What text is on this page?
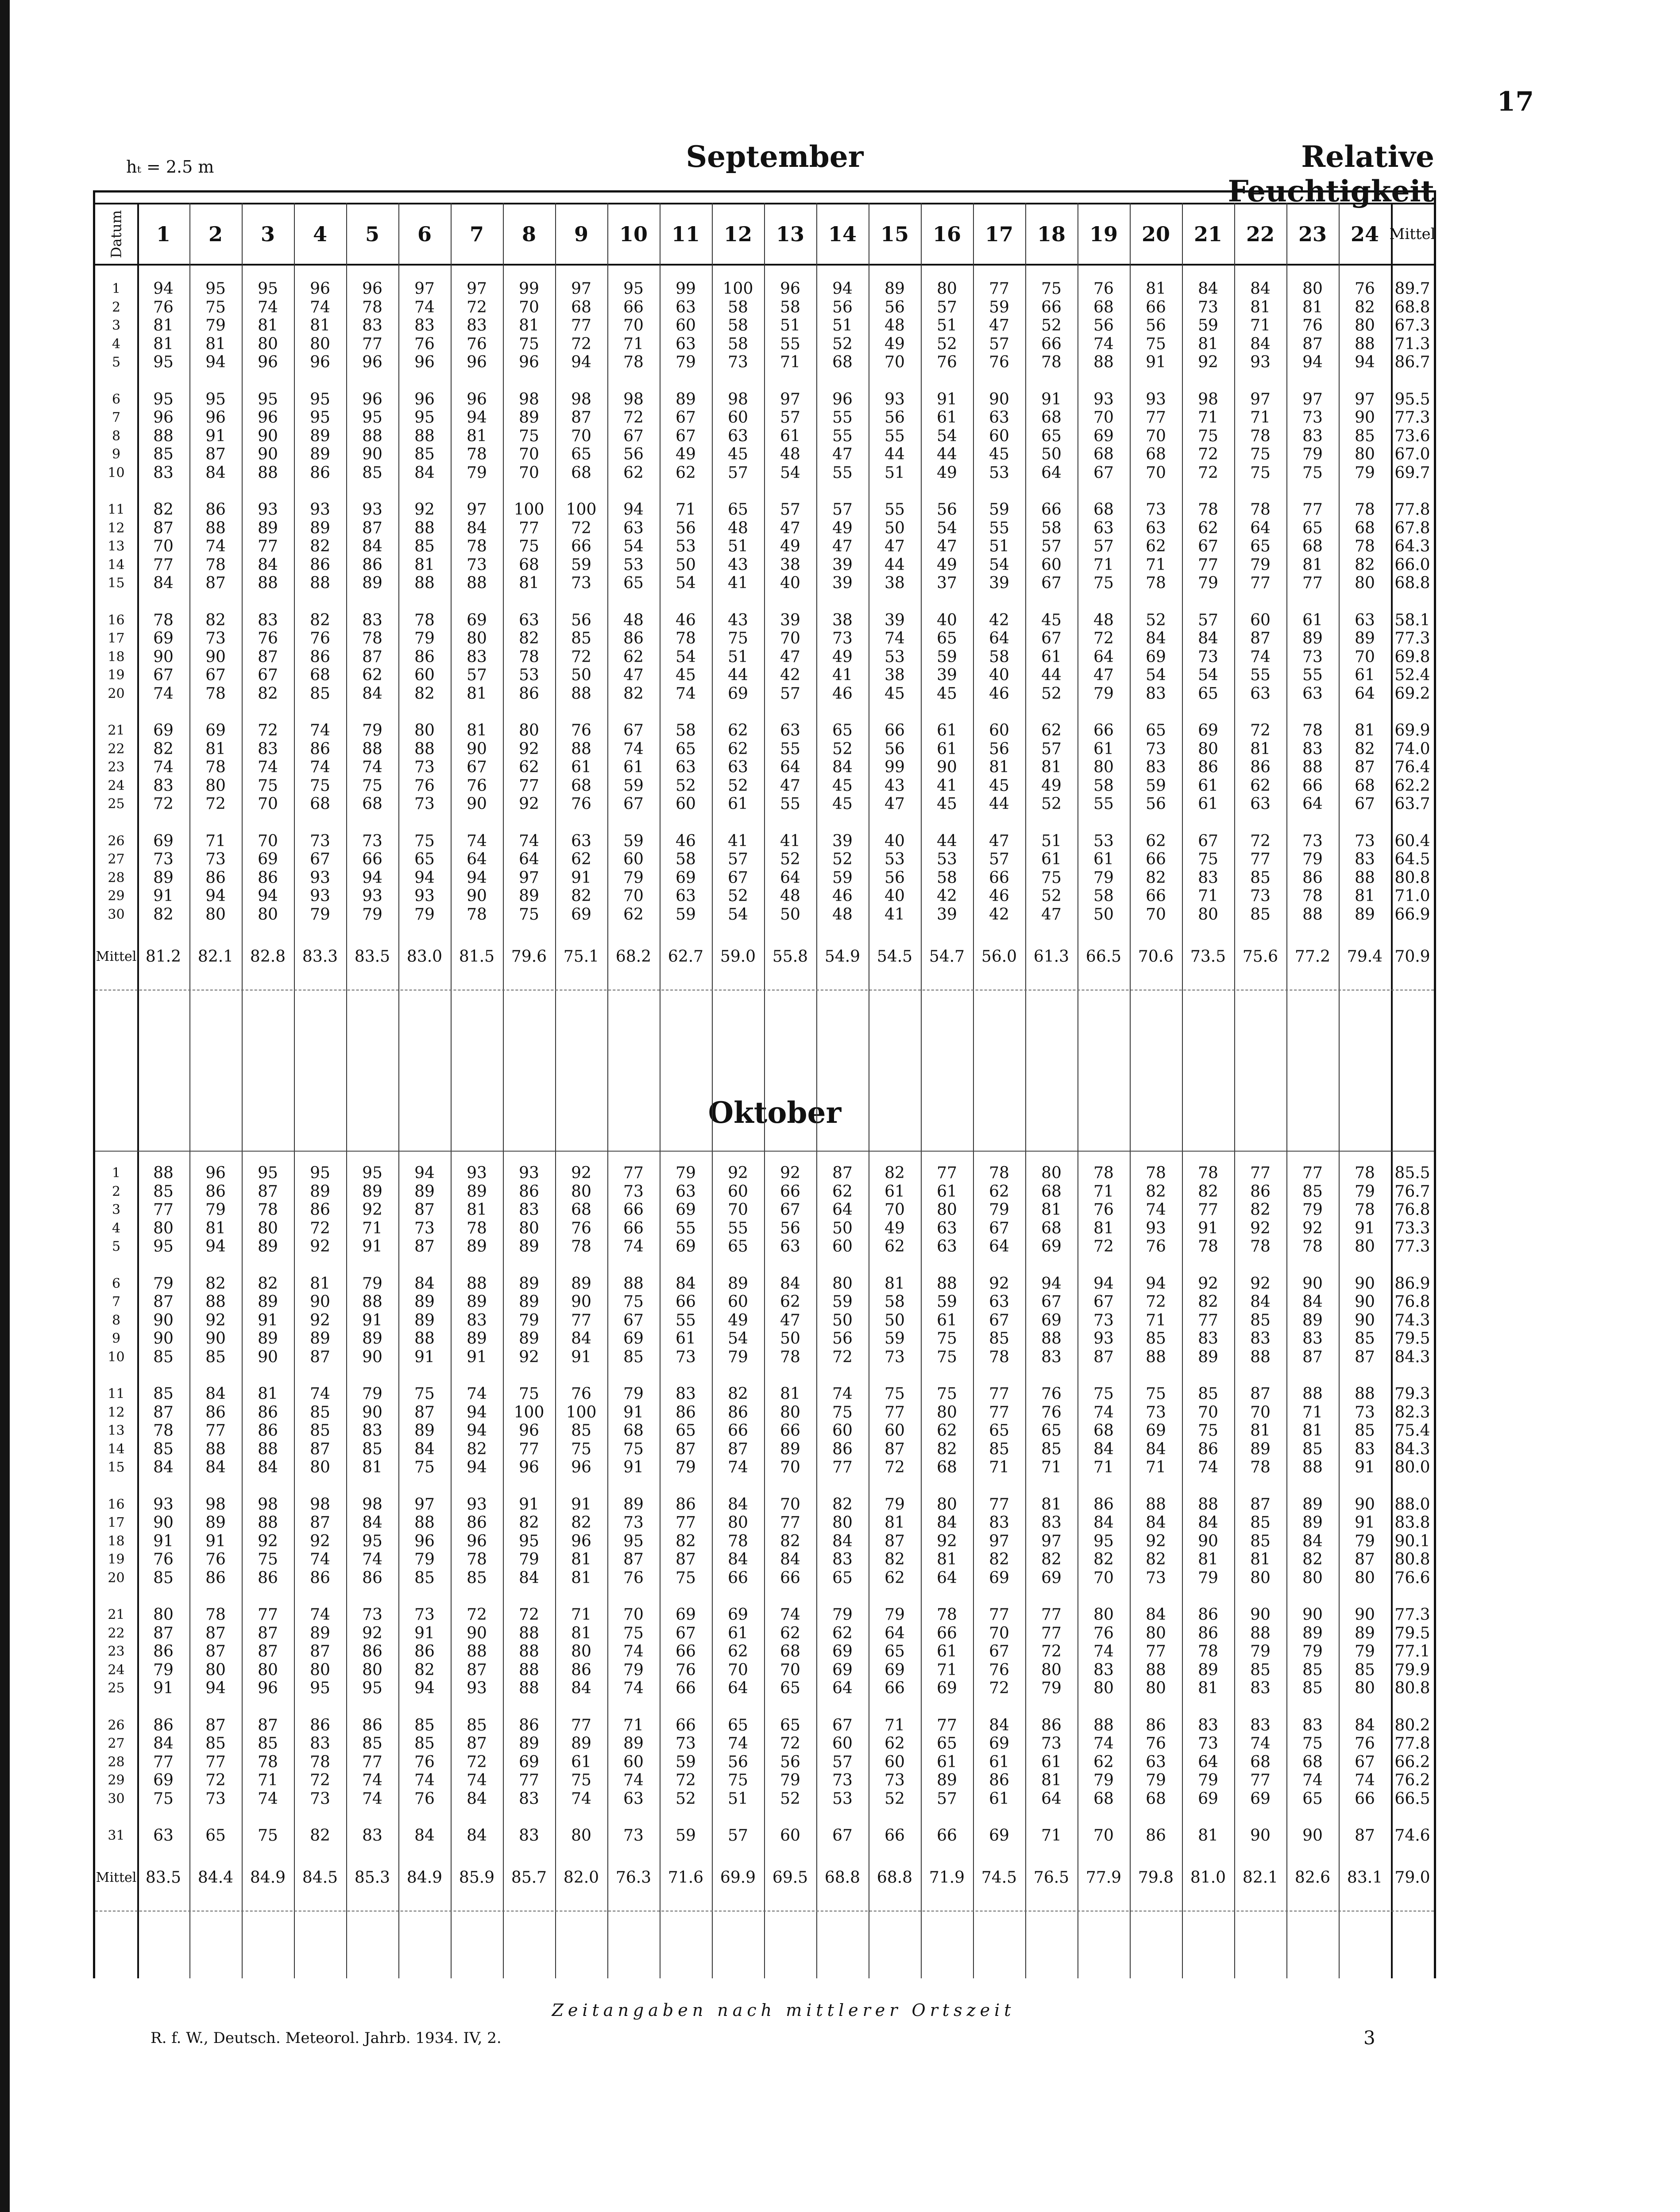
17
hₜ = 2.5 m	September	Relative Feuchtigkeit
Oktober
Datum	1	2	3	4	5	6	7	8	9	10	11	12	13	14	15	16	17	18	19	20	21	22	23	24 Mittel
1	94	95	95	96	96	97	97	99	97	95	99	100	96	94	89	80	77	75	76	81	84	84	80	76	89.7
2	76	75	74	74	78	74	72	70	68	66	63	58	58	56	56	57	59	66	68	66	73	81	81	82	68.8
3	81	79	81	81	83	83	83	81	77	70	60	58	51	51	48	51	47	52	56	56	59	71	76	80	67.3
4	81	81	80	80	77	76	76	75	72	71	63	58	55	52	49	52	57	66	74	75	81	84	87	88	71.3
5	95	94	96	96	96	96	96	96	94	78	79	73	71	68	70	76	76	78	88	91	92	93	94	94	86.7
6	95	95	95	95	96	96	96	98	98	98	89	98	97	96	93	91	90	91	93	93	98	97	97	97	95.5
7	96	96	96	95	95	95	94	89	87	72	67	60	57	55	56	61	63	68	70	77	71	71	73	90	77.3
8	88	91	90	89	88	88	81	75	70	67	67	63	61	55	55	54	60	65	69	70	75	78	83	85	73.6
9	85	87	90	89	90	85	78	70	65	56	49	45	48	47	44	44	45	50	68	68	72	75	79	80	67.0
10	83	84	88	86	85	84	79	70	68	62	62	57	54	55	51	49	53	64	67	70	72	75	75	79	69.7
11	82	86	93	93	93	92	97	100	100	94	71	65	57	57	55	56	59	66	68	73	78	78	77	78	77.8
12	87	88	89	89	87	88	84	77	72	63	56	48	47	49	50	54	55	58	63	63	62	64	65	68	67.8
13	70	74	77	82	84	85	78	75	66	54	53	51	49	47	47	47	51	57	57	62	67	65	68	78	64.3
14	77	78	84	86	86	81	73	68	59	53	50	43	38	39	44	49	54	60	71	71	77	79	81	82	66.0
15	84	87	88	88	89	88	88	81	73	65	54	41	40	39	38	37	39	67	75	78	79	77	77	80	68.8
16	78	82	83	82	83	78	69	63	56	48	46	43	39	38	39	40	42	45	48	52	57	60	61	63	58.1
17	69	73	76	76	78	79	80	82	85	86	78	75	70	73	74	65	64	67	72	84	84	87	89	89	77.3
18	90	90	87	86	87	86	83	78	72	62	54	51	47	49	53	59	58	61	64	69	73	74	73	70	69.8
19	67	67	67	68	62	60	57	53	50	47	45	44	42	41	38	39	40	44	47	54	54	55	55	61	52.4
20	74	78	82	85	84	82	81	86	88	82	74	69	57	46	45	45	46	52	79	83	65	63	63	64	69.2
21	69	69	72	74	79	80	81	80	76	67	58	62	63	65	66	61	60	62	66	65	69	72	78	81	69.9
22	82	81	83	86	88	88	90	92	88	74	65	62	55	52	56	61	56	57	61	73	80	81	83	82	74.0
23	74	78	74	74	74	73	67	62	61	61	63	63	64	84	99	90	81	81	80	83	86	86	88	87	76.4
24	83	80	75	75	75	76	76	77	68	59	52	52	47	45	43	41	45	49	58	59	61	62	66	68	62.2
25	72	72	70	68	68	73	90	92	76	67	60	61	55	45	47	45	44	52	55	56	61	63	64	67	63.7
26	69	71	70	73	73	75	74	74	63	59	46	41	41	39	40	44	47	51	53	62	67	72	73	73	60.4
27	73	73	69	67	66	65	64	64	62	60	58	57	52	52	53	53	57	61	61	66	75	77	79	83	64.5
28	89	86	86	93	94	94	94	97	91	79	69	67	64	59	56	58	66	75	79	82	83	85	86	88	80.8
29	91	94	94	93	93	93	90	89	82	70	63	52	48	46	40	42	46	52	58	66	71	73	78	81	71.0
30	82	80	80	79	79	79	78	75	69	62	59	54	50	48	41	39	42	47	50	70	80	85	88	89	66.9
Mittel 81.2	82.1	82.8	83.3	83.5	83.0	81.5	79.6	75.1	68.2	62.7	59.0	55.8	54.9	54.5	54.7	56.0	61.3	66.5	70.6	73.5	75.6	77.2	79.4 70.9
1	88	96	95	95	95	94	93	93	92	77	79	92	92	87	82	77	78	80	78	78	78	77	77	78	85.5
2	85	86	87	89	89	89	89	86	80	73	63	60	66	62	61	61	62	68	71	82	82	86	85	79	76.7
3	77	79	78	86	92	87	81	83	68	66	69	70	67	64	70	80	79	81	76	74	77	82	79	78	76.8
4	80	81	80	72	71	73	78	80	76	66	55	55	56	50	49	63	67	68	81	93	91	92	92	91	73.3
5	95	94	89	92	91	87	89	89	78	74	69	65	63	60	62	63	64	69	72	76	78	78	78	80	77.3
6	79	82	82	81	79	84	88	89	89	88	84	89	84	80	81	88	92	94	94	94	92	92	90	90	86.9
7	87	88	89	90	88	89	89	89	90	75	66	60	62	59	58	59	63	67	67	72	82	84	84	90	76.8
8	90	92	91	92	91	89	83	79	77	67	55	49	47	50	50	61	67	69	73	71	77	85	89	90	74.3
9	90	90	89	89	89	88	89	89	84	69	61	54	50	56	59	75	85	88	93	85	83	83	83	85	79.5
10	85	85	90	87	90	91	91	92	91	85	73	79	78	72	73	75	78	83	87	88	89	88	87	87	84.3
11	85	84	81	74	79	75	74	75	76	79	83	82	81	74	75	75	77	76	75	75	85	87	88	88	79.3
12	87	86	86	85	90	87	94	100	100	91	86	86	80	75	77	80	77	76	74	73	70	70	71	73	82.3
13	78	77	86	85	83	89	94	96	85	68	65	66	66	60	60	62	65	65	68	69	75	81	81	85	75.4
14	85	88	88	87	85	84	82	77	75	75	87	87	89	86	87	82	85	85	84	84	86	89	85	83	84.3
15	84	84	84	80	81	75	94	96	96	91	79	74	70	77	72	68	71	71	71	71	74	78	88	91	80.0
16	93	98	98	98	98	97	93	91	91	89	86	84	70	82	79	80	77	81	86	88	88	87	89	90	88.0
17	90	89	88	87	84	88	86	82	82	73	77	80	77	80	81	84	83	83	84	84	84	85	89	91	83.8
18	91	91	92	92	95	96	96	95	96	95	82	78	82	84	87	92	97	97	95	92	90	85	84	79	90.1
19	76	76	75	74	74	79	78	79	81	87	87	84	84	83	82	81	82	82	82	82	81	81	82	87	80.8
20	85	86	86	86	86	85	85	84	81	76	75	66	66	65	62	64	69	69	70	73	79	80	80	80	76.6
21	80	78	77	74	73	73	72	72	71	70	69	69	74	79	79	78	77	77	80	84	86	90	90	90	77.3
22	87	87	87	89	92	91	90	88	81	75	67	61	62	62	64	66	70	77	76	80	86	88	89	89	79.5
23	86	87	87	87	86	86	88	88	80	74	66	62	68	69	65	61	67	72	74	77	78	79	79	79	77.1
24	79	80	80	80	80	82	87	88	86	79	76	70	70	69	69	71	76	80	83	88	89	85	85	85	79.9
25	91	94	96	95	95	94	93	88	84	74	66	64	65	64	66	69	72	79	80	80	81	83	85	80	80.8
26	86	87	87	86	86	85	85	86	77	71	66	65	65	67	71	77	84	86	88	86	83	83	83	84	80.2
27	84	85	85	83	85	85	87	89	89	89	73	74	72	60	62	65	69	73	74	76	73	74	75	76	77.8
28	77	77	78	78	77	76	72	69	61	60	59	56	56	57	60	61	61	61	62	63	64	68	68	67	66.2
29	69	72	71	72	74	74	74	77	75	74	72	75	79	73	73	89	86	81	79	79	79	77	74	74	76.2
30	75	73	74	73	74	76	84	83	74	63	52	51	52	53	52	57	61	64	68	68	69	69	65	66	66.5
31	63	65	75	82	83	84	84	83	80	73	59	57	60	67	66	66	69	71	70	86	81	90	90	87	74.6
Mittel 83.5	84.4	84.9	84.5	85.3	84.9	85.9	85.7	82.0	76.3	71.6	69.9	69.5	68.8	68.8	71.9	74.5	76.5	77.9	79.8	81.0	82.1	82.6	83.1 79.0
Zeitangaben nach mittlerer Ortszeit
R. f. W., Deutsch. Meteorol. Jahrb. 1934. IV, 2.	3
